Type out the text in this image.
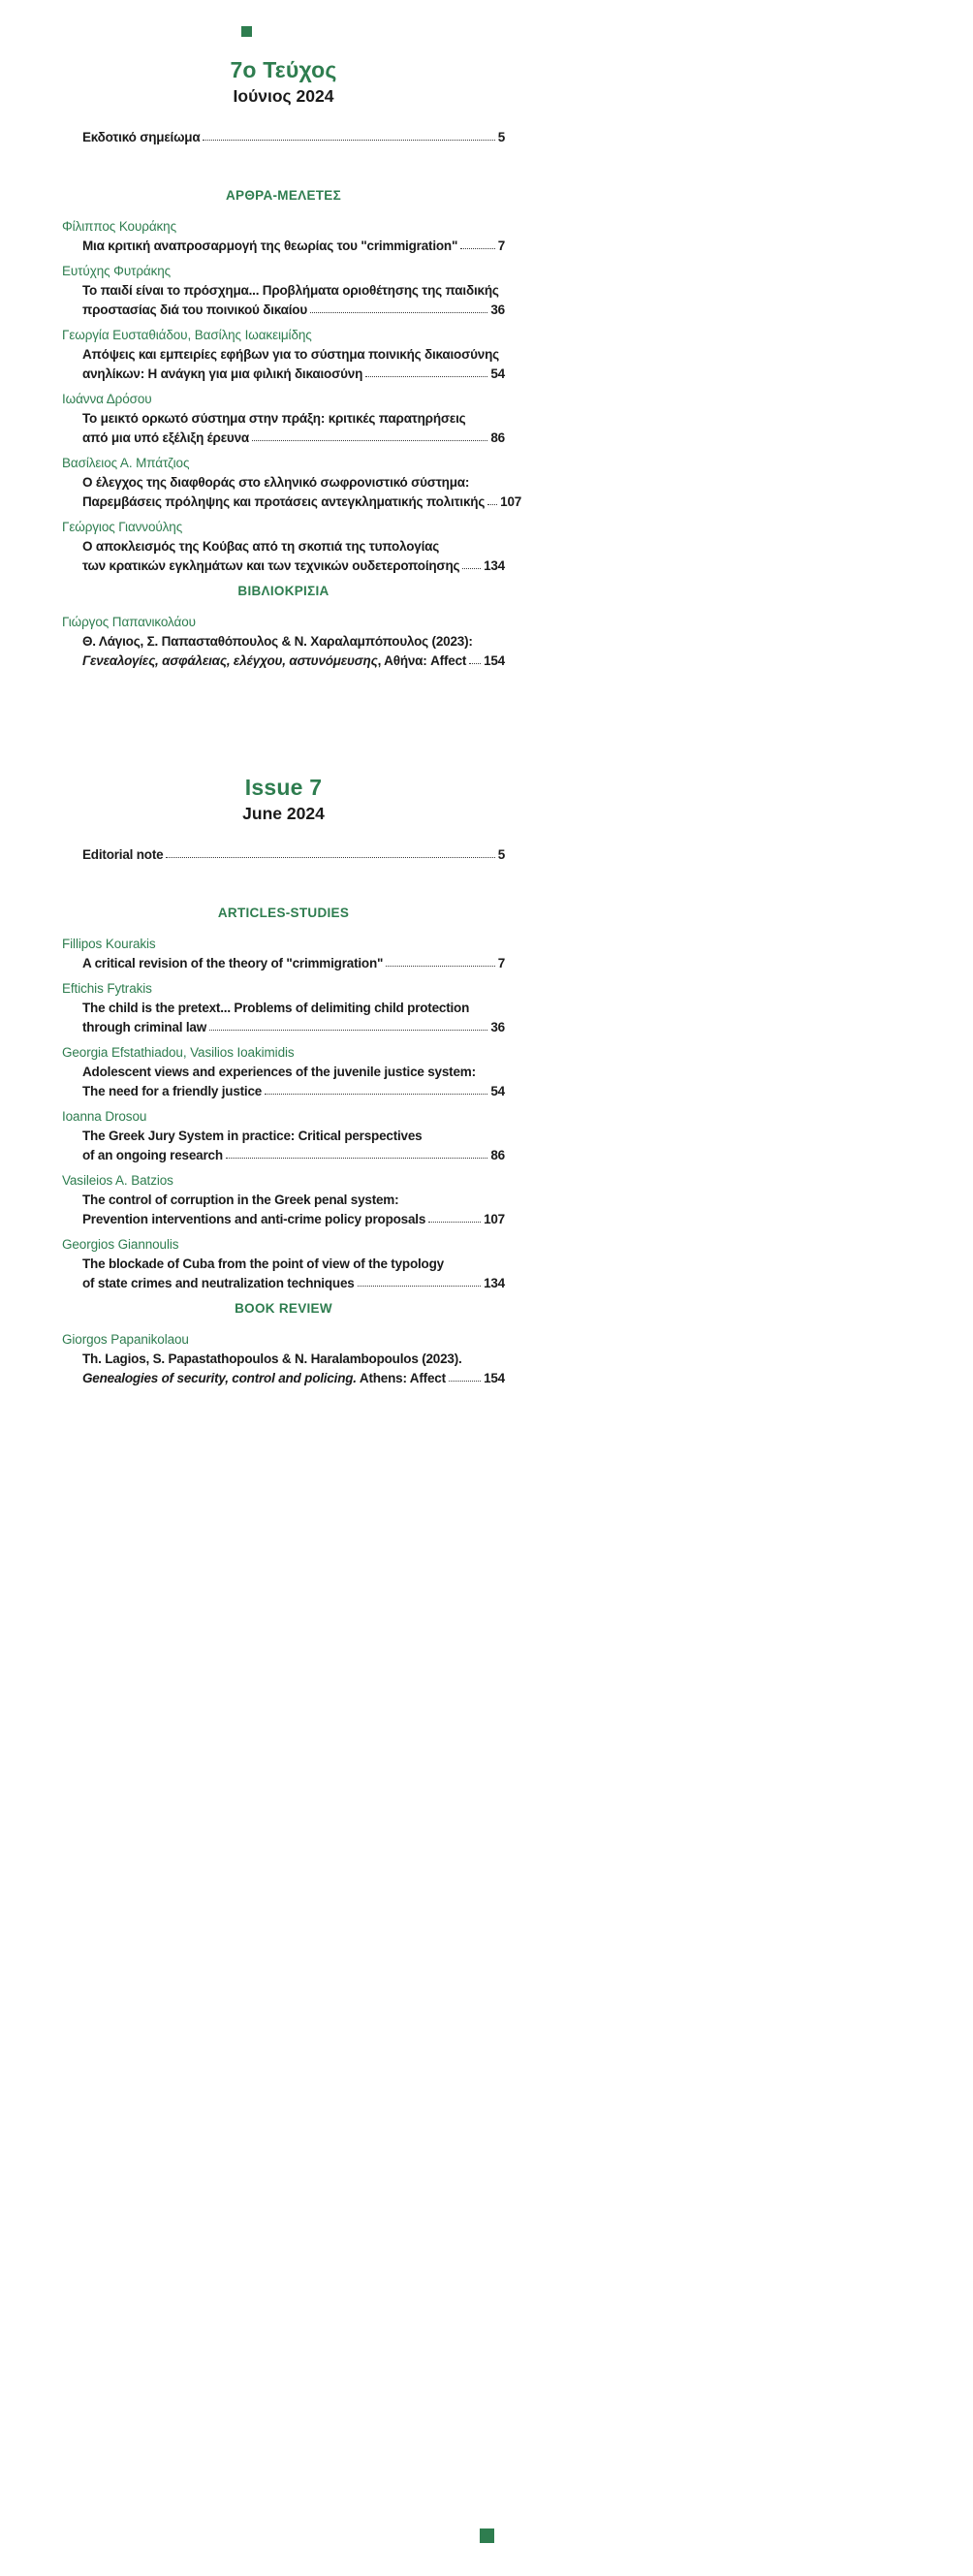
7ο Τεύχος
Ιούνιος 2024
Εκδοτικό σημείωμα	5
ΑΡΘΡΑ-ΜΕΛΕΤΕΣ
Φίλιππος Κουράκης
Μια κριτική αναπροσαρμογή της θεωρίας του "crimmigration"	7
Ευτύχης Φυτράκης
Το παιδί είναι το πρόσχημα... Προβλήματα οριοθέτησης της παιδικής
προστασίας διά του ποινικού δικαίου	36
Γεωργία Ευσταθιάδου, Βασίλης Ιωακειμίδης
Απόψεις και εμπειρίες εφήβων για το σύστημα ποινικής δικαιοσύνης
ανηλίκων: Η ανάγκη για μια φιλική δικαιοσύνη	54
Ιωάννα Δρόσου
Το μεικτό ορκωτό σύστημα στην πράξη: κριτικές παρατηρήσεις
από μια υπό εξέλιξη έρευνα	86
Βασίλειος Α. Μπάτζιος
Ο έλεγχος της διαφθοράς στο ελληνικό σωφρονιστικό σύστημα:
Παρεμβάσεις πρόληψης και προτάσεις αντεγκληματικής πολιτικής 107
Γεώργιος Γιαννούλης
Ο αποκλεισμός της Κούβας από τη σκοπιά της τυπολογίας
των κρατικών εγκλημάτων και των τεχνικών ουδετεροποίησης 134
ΒΙΒΛΙΟΚΡΙΣΙΑ
Γιώργος Παπανικολάου
Θ. Λάγιος, Σ. Παπασταθόπουλος & Ν. Χαραλαμπόπουλος (2023):
Γενεαλογίες, ασφάλειας, ελέγχου, αστυνόμευσης, Αθήνα: Affect 154
Issue 7
June 2024
Editorial note	5
ARTICLES-STUDIES
Fillipos Kourakis
A critical revision of the theory of "crimmigration"	7
Eftichis Fytrakis
The child is the pretext... Problems of delimiting child protection
through criminal law	36
Georgia Efstathiadou, Vasilios Ioakimidis
Adolescent views and experiences of the juvenile justice system:
The need for a friendly justice	54
Ioanna Drosou
The Greek Jury System in practice: Critical perspectives
of an ongoing research	86
Vasileios A. Batzios
The control of corruption in the Greek penal system:
Prevention interventions and anti-crime policy proposals	107
Georgios Giannoulis
The blockade of Cuba from the point of view of the typology
of state crimes and neutralization techniques	134
BOOK REVIEW
Giorgos Papanikolaou
Th. Lagios, S. Papastathopoulos & N. Haralambopoulos (2023).
Genealogies of security, control and policing. Athens: Affect	154
